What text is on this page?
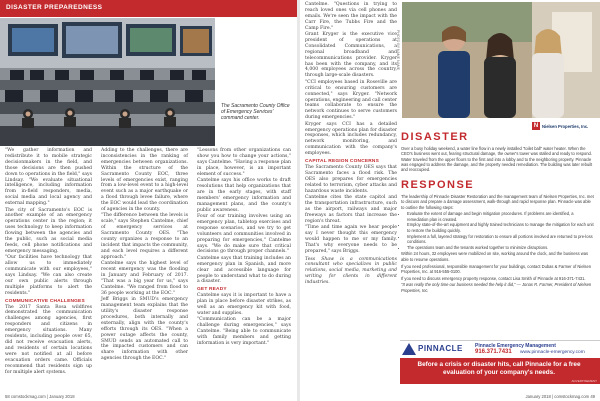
DISASTER PREPAREDNESS
The Sacramento County Office of Emergency Services' command center.

"We gather information and redistribute it to mobile strategic decisionmakers in the field, and those decisions are then pushed down to operations in the field," says Lindsay. "We evaluate situational intelligence, including information from in-field responders, media, social media and local agency and external mapping."

The city of Sacramento's EOC is another example of an emergency operations center in the region; it uses technology to keep information flowing between the agencies and the public, such as social media feeds, cell phone notifications and emergency messaging.

"Our facilities have technology that allow us to immediately communicate with our employees," says Lindsay. "We can also create our own public alerts through multiple platforms to alert the residents."

COMMUNICATIVE CHALLENGES

The 2017 Santa Rosa wildfires demonstrated the communication challenges among agencies, first responders and citizens in emergency situations. Many residents, including people over 65, did not receive evacuation alerts, and residents of certain locations were not notified at all before evacuation orders came. Officials recommend that residents sign up for multiple alert systems.

Adding to the challenges, there are inconsistencies in the ranking of emergencies between organizations. Within the structure of the Sacramento County EOC, three levels of emergencies exist, ranging from a low-level event to a high-level event such as a major earthquake or a flood through levee failure, where the EOC would lead the coordination of agencies in the county.

"The difference between the levels is scale," says Stephen Cantelme, chief of emergency services at Sacramento County OES. "The county organizes a response to an incident that impacts the community, and each level requires a different approach."

Cantelme says the highest level of recent emergency was the flooding in January and February of 2017. "That was a big year for us," says Cantelme. "We ranged from flood to 36 people working at the EOC."

Jeff Briggs in SMUD's emergency management team explains that the utility's disaster response procedures, both internally and externally, align with the county's efforts through its OES. "When a power outage affects the county, SMUD sends an automated call to the impacted customers and can share information with other agencies through the EOC."

"Lessons from other organizations can show you how to change your actions," says Cantelme. "Having a response plan in place, however, is an important element of success."

Cantelme says his office works to draft resolutions that help organizations that are in the early stages, with staff members' emergency information and management plans, and the county's public awareness.

Four of our training involves using an emergency plan, tabletop exercises and response scenarios, and we try to get volunteers and communities involved in preparing for emergencies," Cantelme says. "We do make sure that critical decisions go through proper channels."

Cantelme says that training includes an emergency plan in Spanish, and more clear and accessible language for people to understand what to do during a disaster.

GET READY

Cantelme says it is important to have a plan in place before disaster strikes, as well as an emergency kit with food, water and supplies.

"Communication can be a major challenge during emergencies," says Cantelme. "Being able to communicate with family members and getting information is very important."

58 comstockmag.com | January 2018

Cantelme. "Questions in trying to reach loved ones via cell phones and emails. We're seen the impact with the Carr Fire, the Tubbs Fire and the Camp Fire."

Grant Kryger is the executive vice president of operations at Consolidated Communications, a regional broadband and telecommunications provider. Kryger has been with the company, and its 4,000 employees across the country, through large-scale disasters.

"CCI employees based in Roseville are critical to ensuring customers are connected," says Kryger. "Network operations, engineering and call center teams collaborate to ensure the network continues to serve customers during emergencies."

Kryger says CCI has a detailed emergency operations plan for disaster responses, which includes redundancy, network monitoring, and communication with the company's employees.

CAPITAL REGION CONCERNS

The Sacramento County OES says that Sacramento faces a flood risk. The OES also prepares for emergencies related to terrorism, cyber attacks and hazardous waste incidents.

Cantelme cites the state capitol and the transportation infrastructure, such as the airport, railways and major freeways as factors that increase the region's threat.

"Time and time again we hear people say I never thought this emergency would happen to me or my family. That's why everyone needs to be prepared," says Briggs.

Tess Shaw is a communications consultant who specializes in public relations, social media, marketing and writing for clients in different industries.

PHOTO BY NAME NAME
N Nielsen Properties, Inc.
DISASTER

Over a busy holiday weekend, a water line flow in a newly installed "toilet ball" water heater. When the CEO's business went out, fearing structural damage, the owner's tower was stalled and ready to respond. Water traveled from the upper floors to the first and into a lobby and to the neighboring property. Pinnacle was engaged to address the damage, and the property needed remediation. The building was later rebuilt and reoccupied.

RESPONSE

The leadership of Pinnacle Disaster Restoration and the management team of Nielsen Properties, Inc. met to discuss and prepare a damage assessment, walk-through and rapid response plan. Pinnacle was able to outline the following steps:

• Evaluate the extent of damage and begin mitigation procedures. If problems are identified, a remediation plan is created.
• Employ state-of-the-art equipment and highly trained technicians to manage the mitigation for each unit to restore the building quickly.
• Implement a full, layered strategy for restoration to ensure all portions involved are returned to pre-loss conditions.
• The operations team and the tenants worked together to minimize disruptions.

Within 24 hours, 32 employees were mobilized on site, working around the clock, and the business was able to resume operations.

If you need professional, responsible management for your buildings, contact Dubas & Farmer of Nielsen Properties, Inc. at 916-555-0100.

If you need to discuss emergency property response, contact Lisa Smith of Pinnacle at 916-371-7431.

"It was really the only time our business needed the help it did," — Jonas R. Farmer, President of Nielsen Properties, Inc.

PINNACLE Pinnacle Emergency Management
916.371.7431 www.pinnacle-emergency.com
Before a crisis or disaster hits, call Pinnacle for a free evaluation of your company's needs.
ADVERTISEMENT
January 2018 | comstockmag.com 49
